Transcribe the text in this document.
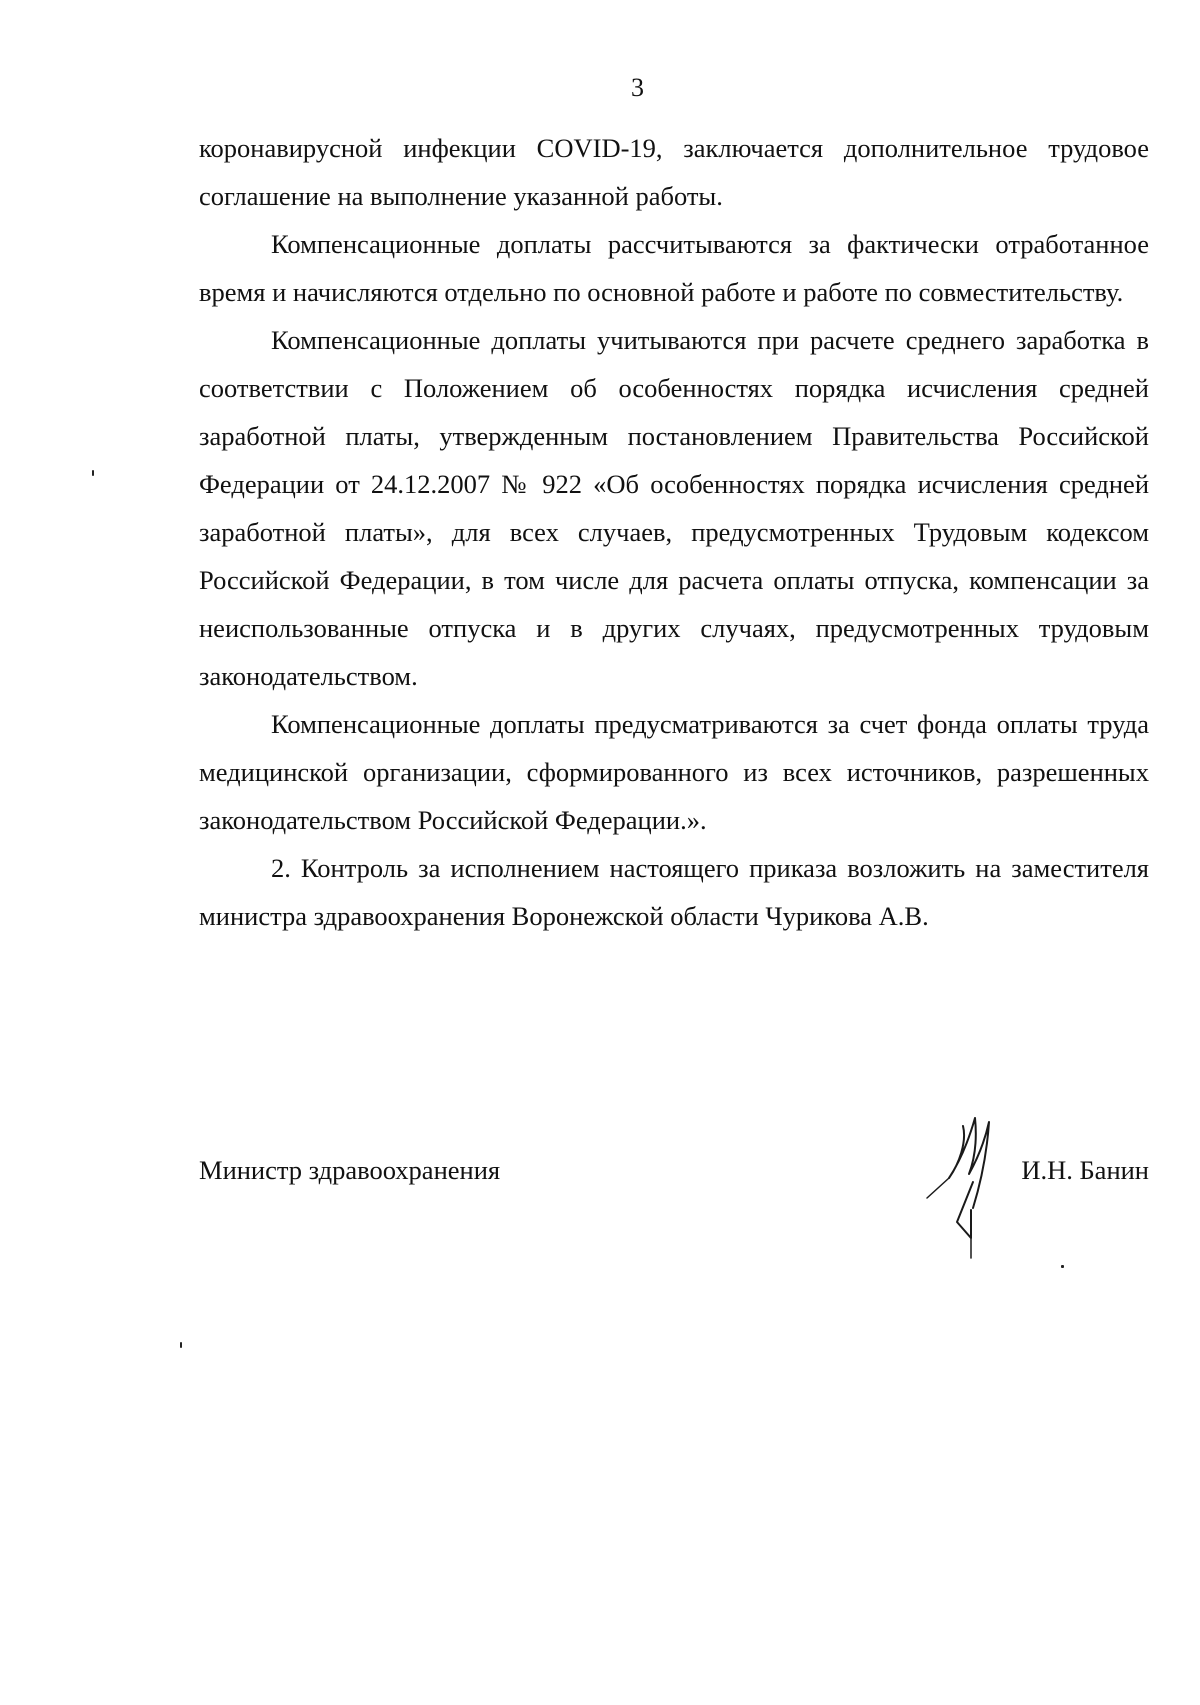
3

коронавирусной инфекции COVID-19, заключается дополнительное трудовое соглашение на выполнение указанной работы.

Компенсационные доплаты рассчитываются за фактически отработанное время и начисляются отдельно по основной работе и работе по совместительству.

Компенсационные доплаты учитываются при расчете среднего заработка в соответствии с Положением об особенностях порядка исчисления средней заработной платы, утвержденным постановлением Правительства Российской Федерации от 24.12.2007 № 922 «Об особенностях порядка исчисления средней заработной платы», для всех случаев, предусмотренных Трудовым кодексом Российской Федерации, в том числе для расчета оплаты отпуска, компенсации за неиспользованные отпуска и в других случаях, предусмотренных трудовым законодательством.

Компенсационные доплаты предусматриваются за счет фонда оплаты труда медицинской организации, сформированного из всех источников, разрешенных законодательством Российской Федерации.».

2. Контроль за исполнением настоящего приказа возложить на заместителя министра здравоохранения Воронежской области Чурикова А.В.

Министр здравоохранения	И.Н. Банин
